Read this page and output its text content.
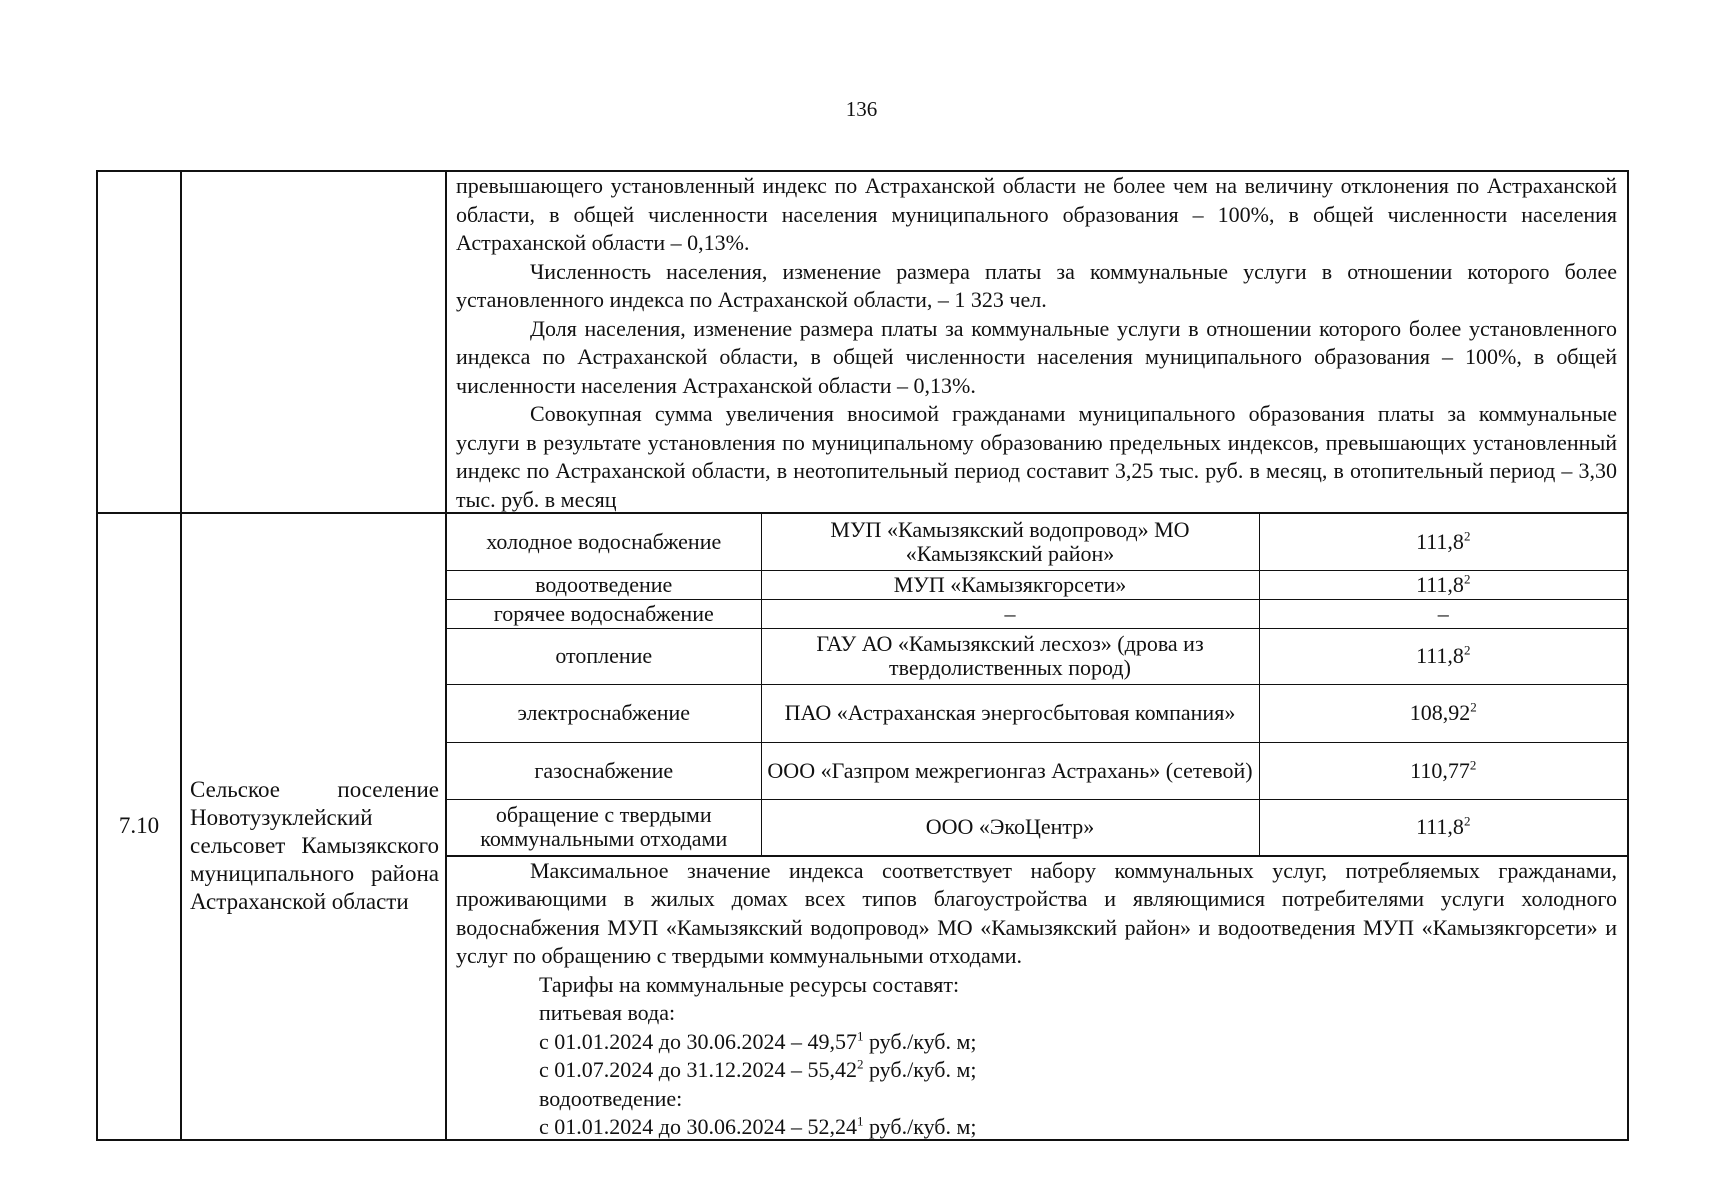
136

превышающего установленный индекс по Астраханской области не более чем на величину отклонения по Астраханской области, в общей численности населения муниципального образования – 100%, в общей численности населения Астраханской области – 0,13%.

Численность населения, изменение размера платы за коммунальные услуги в отношении которого более установленного индекса по Астраханской области, – 1 323 чел.

Доля населения, изменение размера платы за коммунальные услуги в отношении которого более установленного индекса по Астраханской области, в общей численности населения муниципального образования – 100%, в общей численности населения Астраханской области – 0,13%.

Совокупная сумма увеличения вносимой гражданами муниципального образования платы за коммунальные услуги в результате установления по муниципальному образованию предельных индексов, превышающих установленный индекс по Астраханской области, в неотопительный период составит 3,25 тыс. руб. в месяц, в отопительный период – 3,30 тыс. руб. в месяц

7.10	
Сельское поселение Новотузуклейский сельсовет Камызякского муниципального района Астраханской области

холодное водоснабжение	МУП «Камызякский водопровод» МО «Камызякский район»	111,8$^2$
водоотведение	МУП «Камызякгорсети»	111,8$^2$
горячее водоснабжение	–	–
отопление	ГАУ АО «Камызякский лесхоз» (дрова из твердолиственных пород)	111,8$^2$
электроснабжение	ПАО «Астраханская энергосбытовая компания»	108,92$^2$
газоснабжение	ООО «Газпром межрегионгаз Астрахань» (сетевой)	110,77$^2$
обращение с твердыми коммунальными отходами	ООО «ЭкоЦентр»	111,8$^2$

Максимальное значение индекса соответствует набору коммунальных услуг, потребляемых гражданами, проживающими в жилых домах всех типов благоустройства и являющимися потребителями услуги холодного водоснабжения МУП «Камызякский водопровод» МО «Камызякский район» и водоотведения МУП «Камызякгорсети» и услуг по обращению с твердыми коммунальными отходами.

Тарифы на коммунальные ресурсы составят:

питьевая вода:

с 01.01.2024 до 30.06.2024 – 49,57$^1$ руб./куб. м;

с 01.07.2024 до 31.12.2024 – 55,42$^2$ руб./куб. м;

водоотведение:

с 01.01.2024 до 30.06.2024 – 52,24$^1$ руб./куб. м;
